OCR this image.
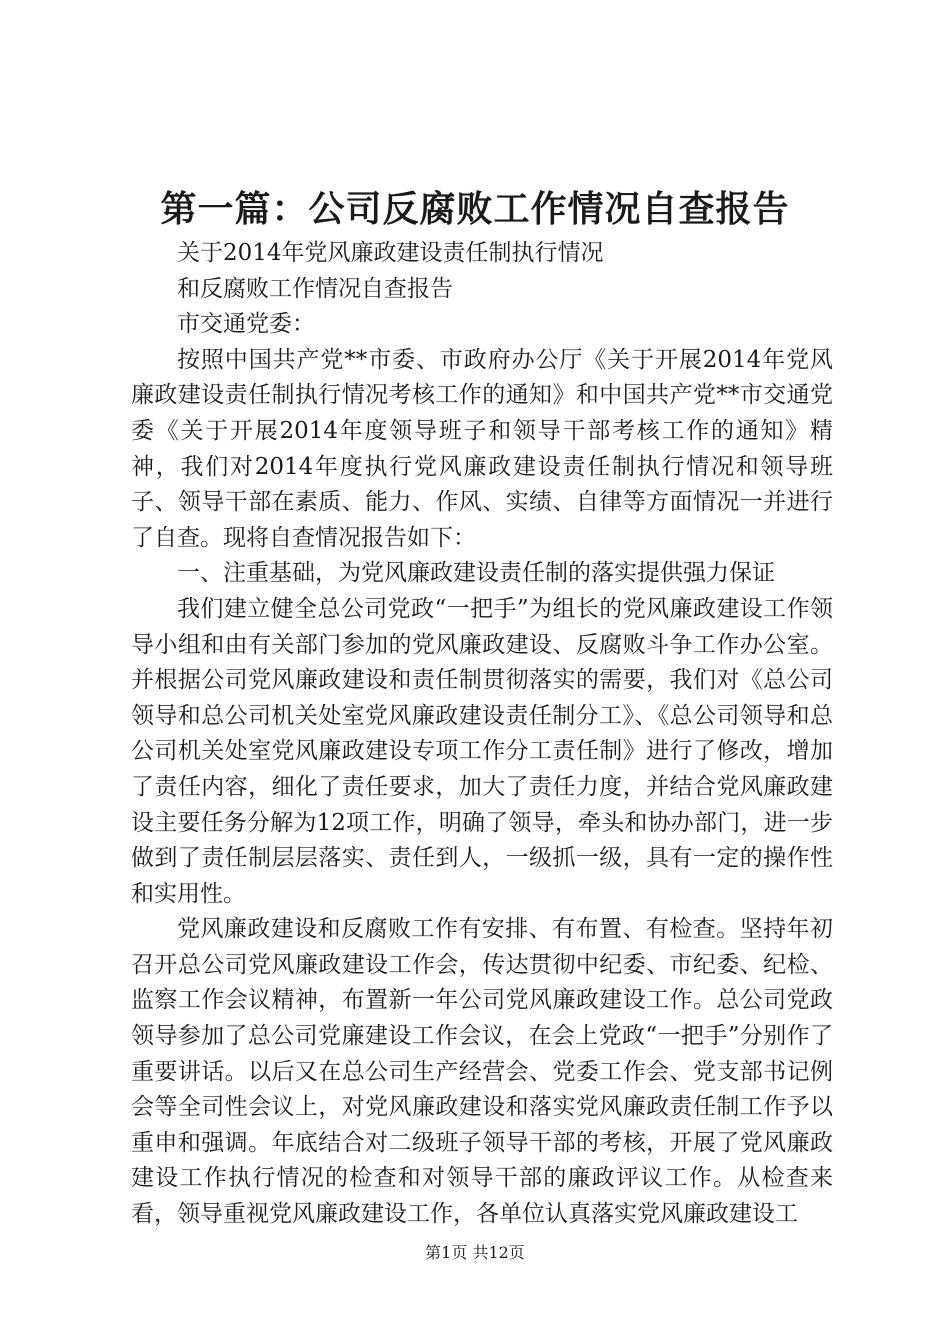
第一篇：公司反腐败工作情况自查报告

关于2014年党风廉政建设责任制执行情况

和反腐败工作情况自查报告

市交通党委：

按照中国共产党**市委、市政府办公厅《关于开展2014年党风廉政建设责任制执行情况考核工作的通知》和中国共产党**市交通党委《关于开展2014年度领导班子和领导干部考核工作的通知》精神，我们对2014年度执行党风廉政建设责任制执行情况和领导班子、领导干部在素质、能力、作风、实绩、自律等方面情况一并进行了自查。现将自查情况报告如下：

一、注重基础，为党风廉政建设责任制的落实提供强力保证

我们建立健全总公司党政“一把手”为组长的党风廉政建设工作领导小组和由有关部门参加的党风廉政建设、反腐败斗争工作办公室。并根据公司党风廉政建设和责任制贯彻落实的需要，我们对《总公司领导和总公司机关处室党风廉政建设责任制分工》、《总公司领导和总公司机关处室党风廉政建设专项工作分工责任制》进行了修改，增加了责任内容，细化了责任要求，加大了责任力度，并结合党风廉政建设主要任务分解为12项工作，明确了领导，牵头和协办部门，进一步做到了责任制层层落实、责任到人，一级抓一级，具有一定的操作性和实用性。

党风廉政建设和反腐败工作有安排、有布置、有检查。坚持年初召开总公司党风廉政建设工作会，传达贯彻中纪委、市纪委、纪检、监察工作会议精神，布置新一年公司党风廉政建设工作。总公司党政领导参加了总公司党廉建设工作会议，在会上党政“一把手”分别作了重要讲话。以后又在总公司生产经营会、党委工作会、党支部书记例会等全司性会议上，对党风廉政建设和落实党风廉政责任制工作予以重申和强调。年底结合对二级班子领导干部的考核，开展了党风廉政建设工作执行情况的检查和对领导干部的廉政评议工作。从检查来看，领导重视党风廉政建设工作，各单位认真落实党风廉政建设工

第1页 共12页
